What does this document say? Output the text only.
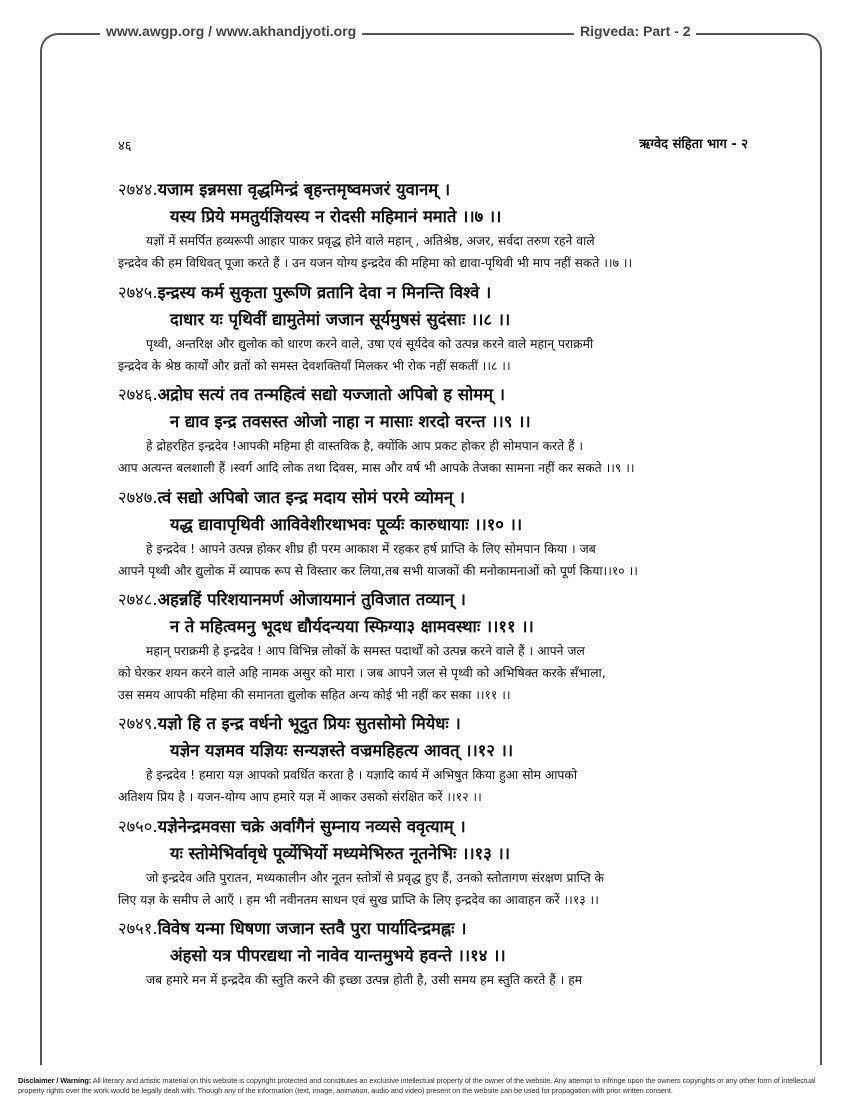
www.awgp.org / www.akhandjyoti.org	Rigveda: Part - 2
४६	ऋग्वेद संहिता भाग - २
२७४४.यजाम इन्नमसा वृद्धमिन्द्रं बृहन्तमृष्वमजरं युवानम् ।
यस्य प्रिये ममतुर्यज्ञियस्य न रोदसी महिमानं ममाते ।।७ ।।
यज्ञों में समर्पित हव्यरूपी आहार पाकर प्रवृद्ध होने वाले महान् , अतिश्रेष्ठ, अजर, सर्वदा तरुण रहने वाले
इन्द्रदेव की हम विधिवत् पूजा करते हैं । उन यजन योग्य इन्द्रदेव की महिमा को द्यावा-पृथिवी भी माप नहीं सकते ।।७ ।।
२७४५.इन्द्रस्य कर्म सुकृता पुरूणि व्रतानि देवा न मिनन्ति विश्वे ।
दाधार यः पृथिवीं द्यामुतेमां जजान सूर्यमुषसं सुदंसाः ।।८ ।।
पृथ्वी, अन्तरिक्ष और द्युलोक को धारण करने वाले, उषा एवं सूर्यदेव को उत्पन्न करने वाले महान् पराक्रमी
इन्द्रदेव के श्रेष्ठ कार्यों और व्रतों को समस्त देवशक्तियाँ मिलकर भी रोक नहीं सकतीं ।।८ ।।
२७४६.अद्रोघ सत्यं तव तन्महित्वं सद्यो यज्जातो अपिबो ह सोमम् ।
न द्याव इन्द्र तवसस्त ओजो नाहा न मासाः शरदो वरन्त ।।९ ।।
हे द्रोहरहित इन्द्रदेव !आपकी महिमा ही वास्तविक है, क्योंकि आप प्रकट होकर ही सोमपान करते हैं ।
आप अत्यन्त बलशाली हैं ।स्वर्ग आदि लोक तथा दिवस, मास और वर्ष भी आपके तेजका सामना नहीं कर सकते ।।९ ।।
२७४७.त्वं सद्यो अपिबो जात इन्द्र मदाय सोमं परमे व्योमन् ।
यद्ध द्यावापृथिवी आविवेशीरथाभवः पूर्व्यः कारुधायाः ।।१० ।।
हे इन्द्रदेव ! आपने उत्पन्न होकर शीघ्र ही परम आकाश में रहकर हर्ष प्राप्ति के लिए सोमपान किया । जब
आपने पृथ्वी और द्युलोक में व्यापक रूप से विस्तार कर लिया,तब सभी याजकों की मनोकामनाओं को पूर्ण किया।।१० ।।
२७४८.अहन्नहिं परिशयानमर्ण ओजायमानं तुविजात तव्यान् ।
न ते महित्वमनु भूदध द्यौर्यदन्यया स्फिग्या३ क्षामवस्थाः ।।११ ।।
महान् पराक्रमी हे इन्द्रदेव ! आप विभिन्न लोकों के समस्त पदार्थों को उत्पन्न करने वाले हैं । आपने जल
को घेरकर शयन करने वाले अहि नामक असुर को मारा । जब आपने जल से पृथ्वी को अभिषिक्त करके सँभाला,
उस समय आपकी महिमा की समानता द्युलोक सहित अन्य कोई भी नहीं कर सका ।।११ ।।
२७४९.यज्ञो हि त इन्द्र वर्धनो भूदुत प्रियः सुतसोमो मियेधः ।
यज्ञेन यज्ञमव यज्ञियः सन्यज्ञस्ते वज्रमहिहत्य आवत् ।।१२ ।।
हे इन्द्रदेव ! हमारा यज्ञ आपको प्रवर्धित करता है । यज्ञादि कार्य में अभिषुत किया हुआ सोम आपको
अतिशय प्रिय है । यजन-योग्य आप हमारे यज्ञ में आकर उसको संरक्षित करें ।।१२ ।।
२७५०.यज्ञेनेन्द्रमवसा चक्रे अर्वागैनं सुम्नाय नव्यसे ववृत्याम् ।
यः स्तोमेभिर्वावृधे पूर्व्येभिर्यो मध्यमेभिरुत नूतनेभिः ।।१३ ।।
जो इन्द्रदेव अति पुरातन, मध्यकालीन और नूतन स्तोत्रों से प्रवृद्ध हुए हैं, उनको स्तोतागण संरक्षण प्राप्ति के
लिए यज्ञ के समीप ले आएँ । हम भी नवीनतम साधन एवं सुख प्राप्ति के लिए इन्द्रदेव का आवाहन करें ।।१३ ।।
२७५१.विवेष यन्मा धिषणा जजान स्तवै पुरा पार्यादिन्द्रमह्नः ।
अंहसो यत्र पीपरद्यथा नो नावेव यान्तमुभये हवन्ते ।।१४ ।।
जब हमारे मन में इन्द्रदेव की स्तुति करने की इच्छा उत्पन्न होती है, उसी समय हम स्तुति करते हैं । हम
Disclaimer / Warning: All literary and artistic material on this website is copyright protected and constitutes an exclusive intellectual property of the owner of the website. Any attempt to infringe upon the owners copyrights or any other form of intellectual property rights over the work would be legally dealt with. Though any of the information (text, image, animation, audio and video) present on the website can be used for propagation with prior written consent.
